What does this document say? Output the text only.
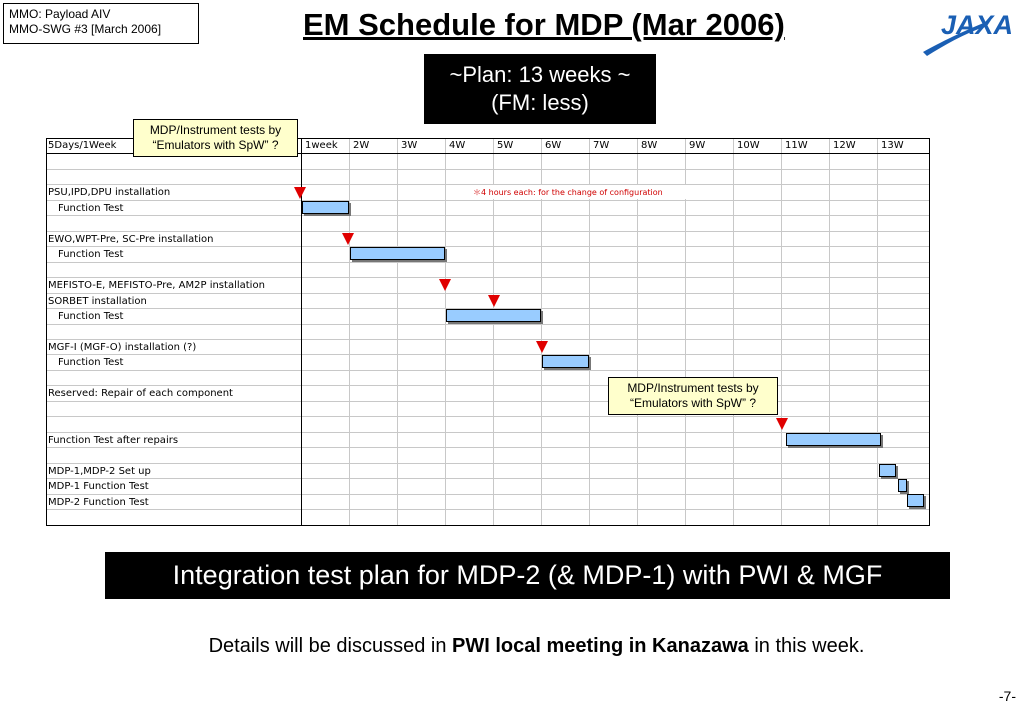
MMO: Payload AIV
MMO-SWG #3 [March 2006]	EM Schedule for MDP (Mar 2006)	JAXA
~Plan: 13 weeks ~
(FM: less)
MDP/Instrument tests by
“Emulators with SpW” ?
5Days/1Week	1week 2W	3W	4W	5W	6W	7W	8W	9W	10W	11W	12W	13W
PSU,IPD,DPU installation
Function Test
EWO,WPT-Pre, SC-Pre installation
Function Test
MEFISTO-E, MEFISTO-Pre, AM2P installation
SORBET installation
Function Test
MGF-I (MGF-O) installation (?)
Function Test
Reserved: Repair of each component
Function Test after repairs
MDP-1,MDP-2 Set up
MDP-1 Function Test
MDP-2 Function Test
＊4 hours each: for the change of configuration
MDP/Instrument tests by
“Emulators with SpW” ?
Integration test plan for MDP-2 (& MDP-1) with PWI & MGF
Details will be discussed in PWI local meeting in Kanazawa in this week.
-7-
